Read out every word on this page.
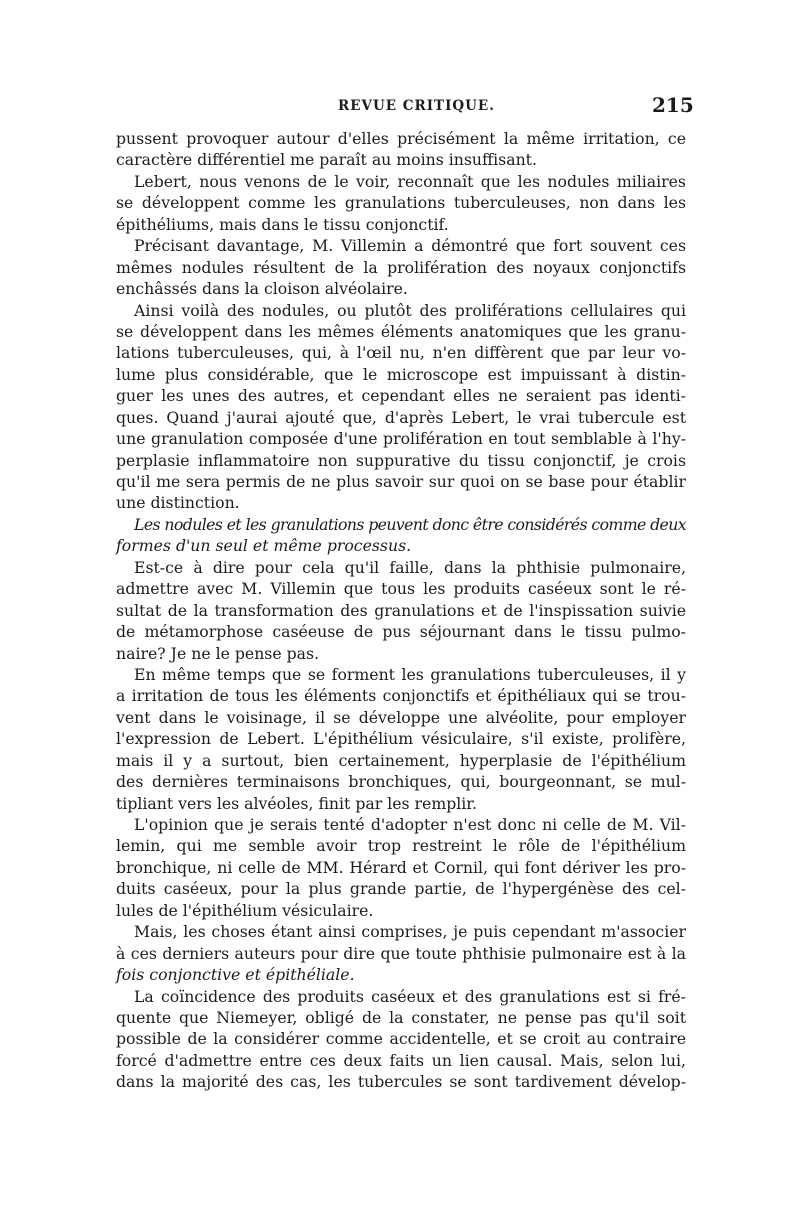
REVUE CRITIQUE.	215
pussent provoquer autour d'elles précisément la même irritation, ce
caractère différentiel me paraît au moins insuffisant.
Lebert, nous venons de le voir, reconnaît que les nodules miliaires
se développent comme les granulations tuberculeuses, non dans les
épithéliums, mais dans le tissu conjonctif.
Précisant davantage, M. Villemin a démontré que fort souvent ces
mêmes nodules résultent de la prolifération des noyaux conjonctifs
enchâssés dans la cloison alvéolaire.
Ainsi voilà des nodules, ou plutôt des proliférations cellulaires qui
se développent dans les mêmes éléments anatomiques que les granu-
lations tuberculeuses, qui, à l'œil nu, n'en diffèrent que par leur vo-
lume plus considérable, que le microscope est impuissant à distin-
guer les unes des autres, et cependant elles ne seraient pas identi-
ques. Quand j'aurai ajouté que, d'après Lebert, le vrai tubercule est
une granulation composée d'une prolifération en tout semblable à l'hy-
perplasie inflammatoire non suppurative du tissu conjonctif, je crois
qu'il me sera permis de ne plus savoir sur quoi on se base pour établir
une distinction.
Les nodules et les granulations peuvent donc être considérés comme deux
formes d'un seul et même processus.
Est-ce à dire pour cela qu'il faille, dans la phthisie pulmonaire,
admettre avec M. Villemin que tous les produits caséeux sont le ré-
sultat de la transformation des granulations et de l'inspissation suivie
de métamorphose caséeuse de pus séjournant dans le tissu pulmo-
naire? Je ne le pense pas.
En même temps que se forment les granulations tuberculeuses, il y
a irritation de tous les éléments conjonctifs et épithéliaux qui se trou-
vent dans le voisinage, il se développe une alvéolite, pour employer
l'expression de Lebert. L'épithélium vésiculaire, s'il existe, prolifère,
mais il y a surtout, bien certainement, hyperplasie de l'épithélium
des dernières terminaisons bronchiques, qui, bourgeonnant, se mul-
tipliant vers les alvéoles, finit par les remplir.
L'opinion que je serais tenté d'adopter n'est donc ni celle de M. Vil-
lemin, qui me semble avoir trop restreint le rôle de l'épithélium
bronchique, ni celle de MM. Hérard et Cornil, qui font dériver les pro-
duits caséeux, pour la plus grande partie, de l'hypergénèse des cel-
lules de l'épithélium vésiculaire.
Mais, les choses étant ainsi comprises, je puis cependant m'associer
à ces derniers auteurs pour dire que toute phthisie pulmonaire est à la
fois conjonctive et épithéliale.
La coïncidence des produits caséeux et des granulations est si fré-
quente que Niemeyer, obligé de la constater, ne pense pas qu'il soit
possible de la considérer comme accidentelle, et se croit au contraire
forcé d'admettre entre ces deux faits un lien causal. Mais, selon lui,
dans la majorité des cas, les tubercules se sont tardivement dévelop-
